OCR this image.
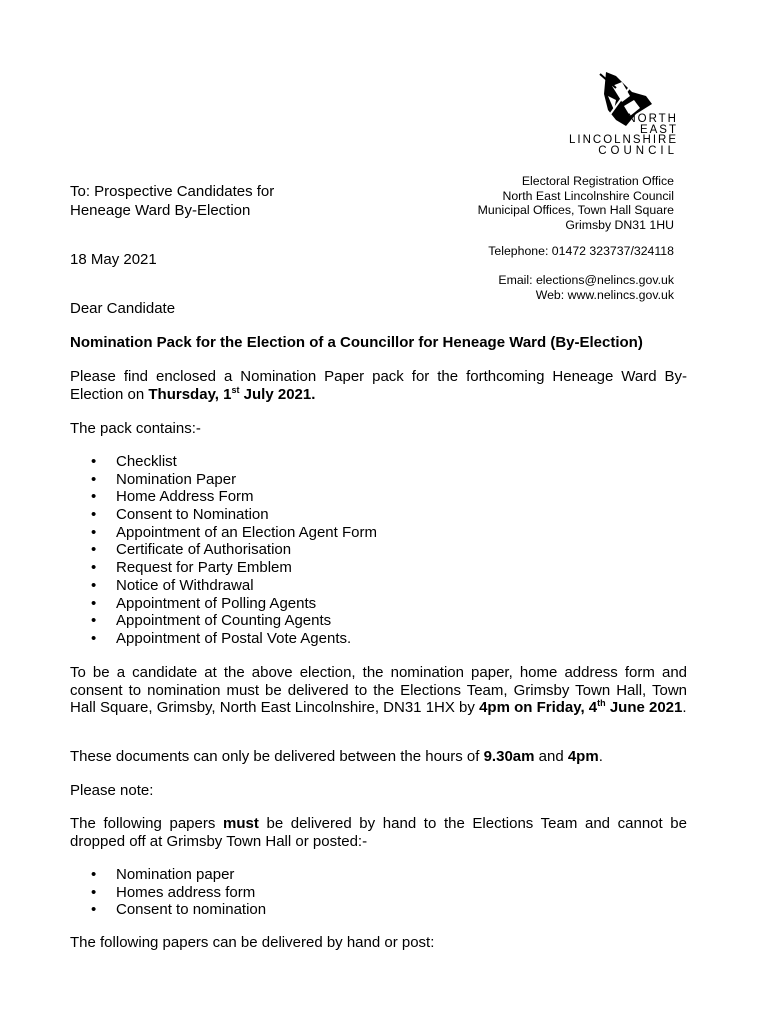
NORTH
EAST
LINCOLNSHIRE
COUNCIL
Electoral Registration Office
North East Lincolnshire Council
Municipal Offices, Town Hall Square
Grimsby DN31 1HU
Telephone: 01472 323737/324118
Email: elections@nelincs.gov.uk
Web: www.nelincs.gov.uk
To: Prospective Candidates for
Heneage Ward By-Election
18 May 2021
Dear Candidate
Nomination Pack for the Election of a Councillor for Heneage Ward (By-Election)
Please find enclosed a Nomination Paper pack for the forthcoming Heneage Ward By-Election on Thursday, 1st July 2021.
The pack contains:-
• Checklist
• Nomination Paper
• Home Address Form
• Consent to Nomination
• Appointment of an Election Agent Form
• Certificate of Authorisation
• Request for Party Emblem
• Notice of Withdrawal
• Appointment of Polling Agents
• Appointment of Counting Agents
• Appointment of Postal Vote Agents.
To be a candidate at the above election, the nomination paper, home address form and consent to nomination must be delivered to the Elections Team, Grimsby Town Hall, Town Hall Square, Grimsby, North East Lincolnshire, DN31 1HX by 4pm on Friday, 4th June 2021.
These documents can only be delivered between the hours of 9.30am and 4pm.
Please note:
The following papers must be delivered by hand to the Elections Team and cannot be dropped off at Grimsby Town Hall or posted:-
• Nomination paper
• Homes address form
• Consent to nomination
The following papers can be delivered by hand or post:
